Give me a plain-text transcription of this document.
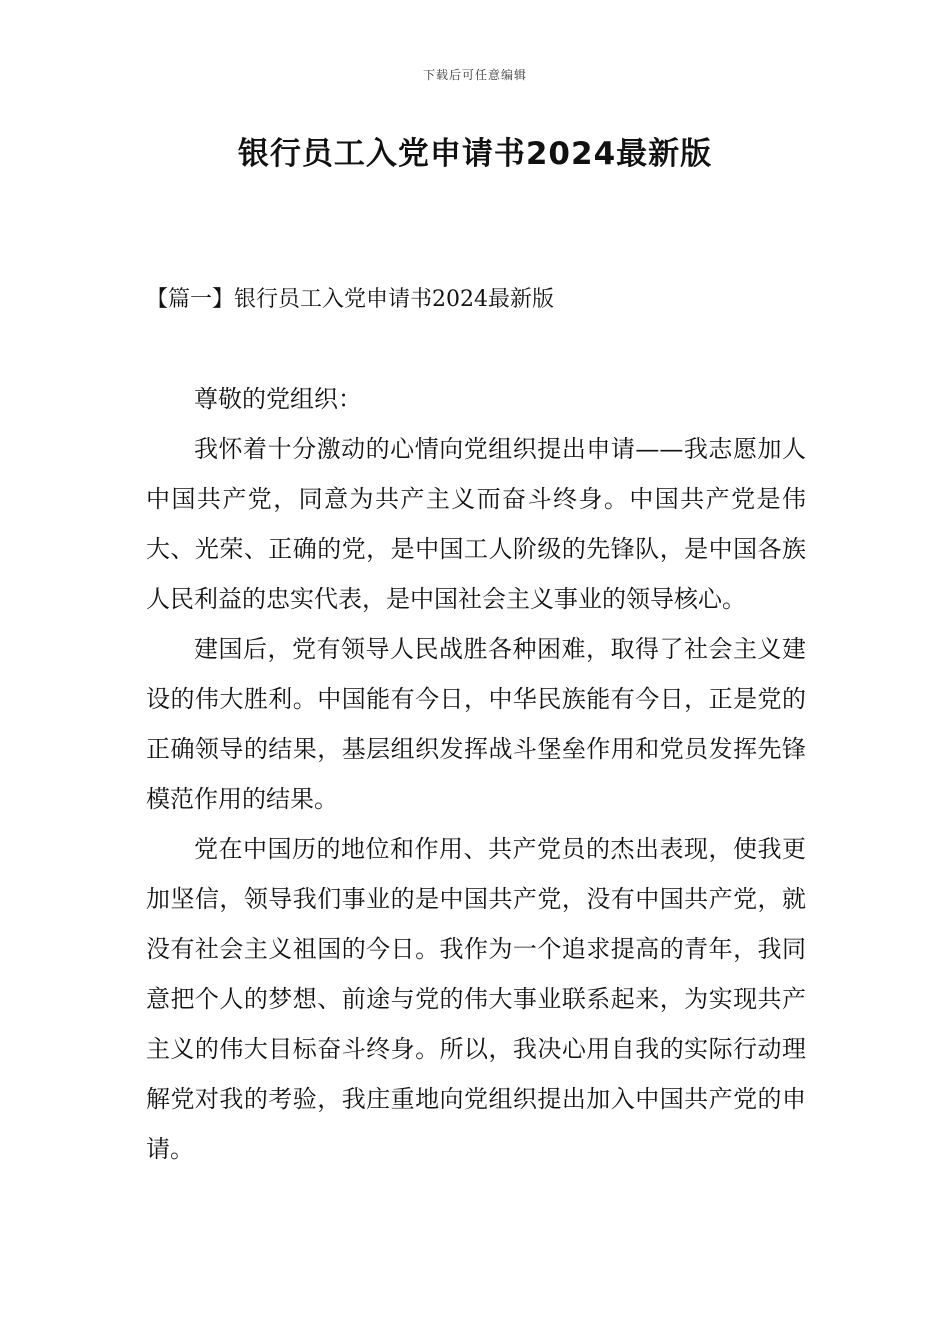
下载后可任意编辑
银行员工入党申请书2024最新版
【篇一】银行员工入党申请书2024最新版

尊敬的党组织：

我怀着十分激动的心情向党组织提出申请——我志愿加人中国共产党，同意为共产主义而奋斗终身。中国共产党是伟大、光荣、正确的党，是中国工人阶级的先锋队，是中国各族人民利益的忠实代表，是中国社会主义事业的领导核心。

建国后，党有领导人民战胜各种困难，取得了社会主义建设的伟大胜利。中国能有今日，中华民族能有今日，正是党的正确领导的结果，基层组织发挥战斗堡垒作用和党员发挥先锋模范作用的结果。

党在中国历的地位和作用、共产党员的杰出表现，使我更加坚信，领导我们事业的是中国共产党，没有中国共产党，就没有社会主义祖国的今日。我作为一个追求提高的青年，我同意把个人的梦想、前途与党的伟大事业联系起来，为实现共产主义的伟大目标奋斗终身。所以，我决心用自我的实际行动理解党对我的考验，我庄重地向党组织提出加入中国共产党的申请。
